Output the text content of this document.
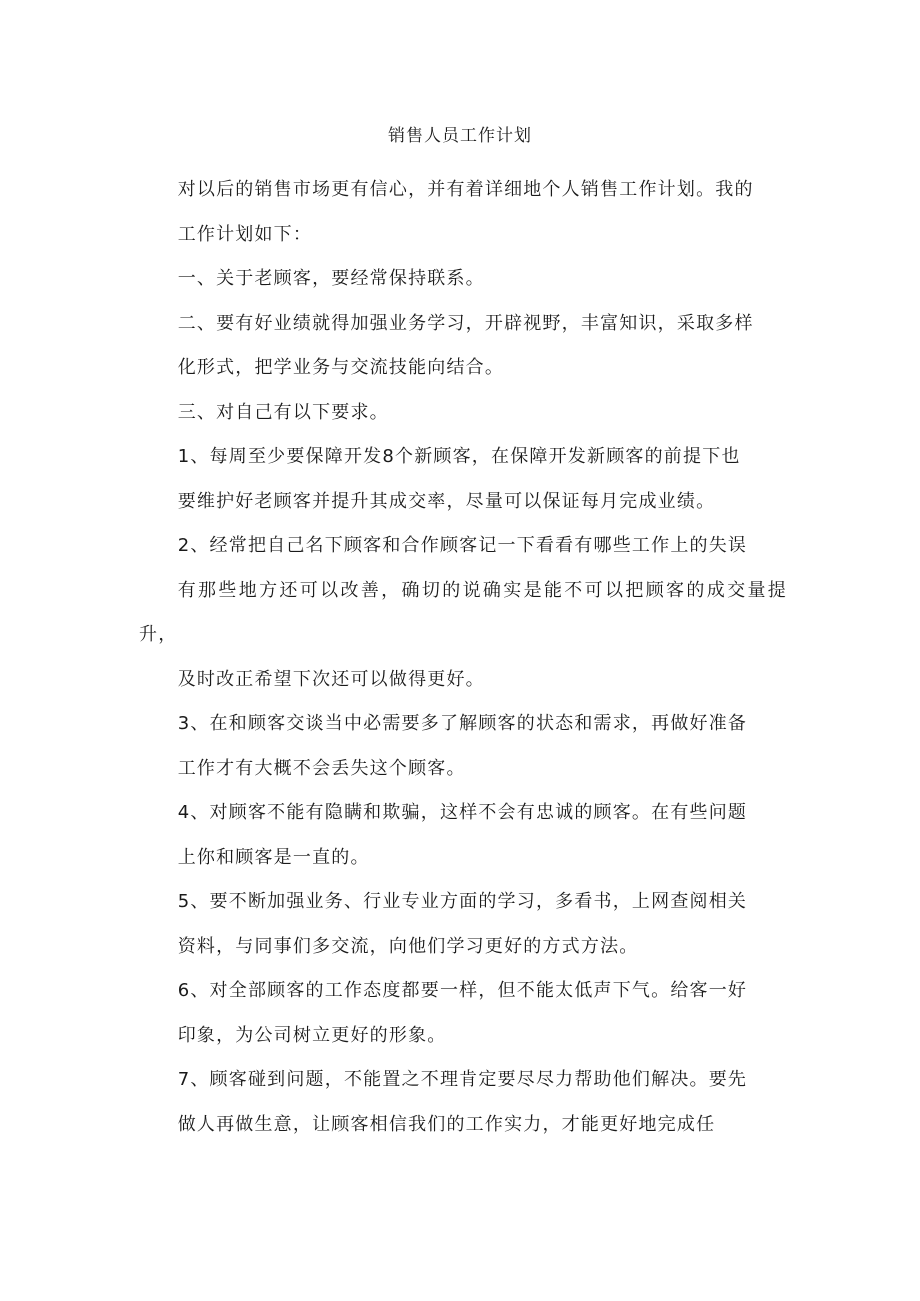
销售人员工作计划

对以后的销售市场更有信心，并有着详细地个人销售工作计划。我的
工作计划如下：

一、关于老顾客，要经常保持联系。

二、要有好业绩就得加强业务学习，开辟视野，丰富知识，采取多样
化形式，把学业务与交流技能向结合。

三、对自己有以下要求。

1、每周至少要保障开发8个新顾客，在保障开发新顾客的前提下也
要维护好老顾客并提升其成交率，尽量可以保证每月完成业绩。

2、经常把自己名下顾客和合作顾客记一下看看有哪些工作上的失误
有那些地方还可以改善，确切的说确实是能不可以把顾客的成交量提升，
及时改正希望下次还可以做得更好。

3、在和顾客交谈当中必需要多了解顾客的状态和需求，再做好准备
工作才有大概不会丢失这个顾客。

4、对顾客不能有隐瞒和欺骗，这样不会有忠诚的顾客。在有些问题
上你和顾客是一直的。

5、要不断加强业务、行业专业方面的学习，多看书，上网查阅相关
资料，与同事们多交流，向他们学习更好的方式方法。

6、对全部顾客的工作态度都要一样，但不能太低声下气。给客一好
印象，为公司树立更好的形象。

7、顾客碰到问题，不能置之不理肯定要尽尽力帮助他们解决。要先
做人再做生意，让顾客相信我们的工作实力，才能更好地完成任
